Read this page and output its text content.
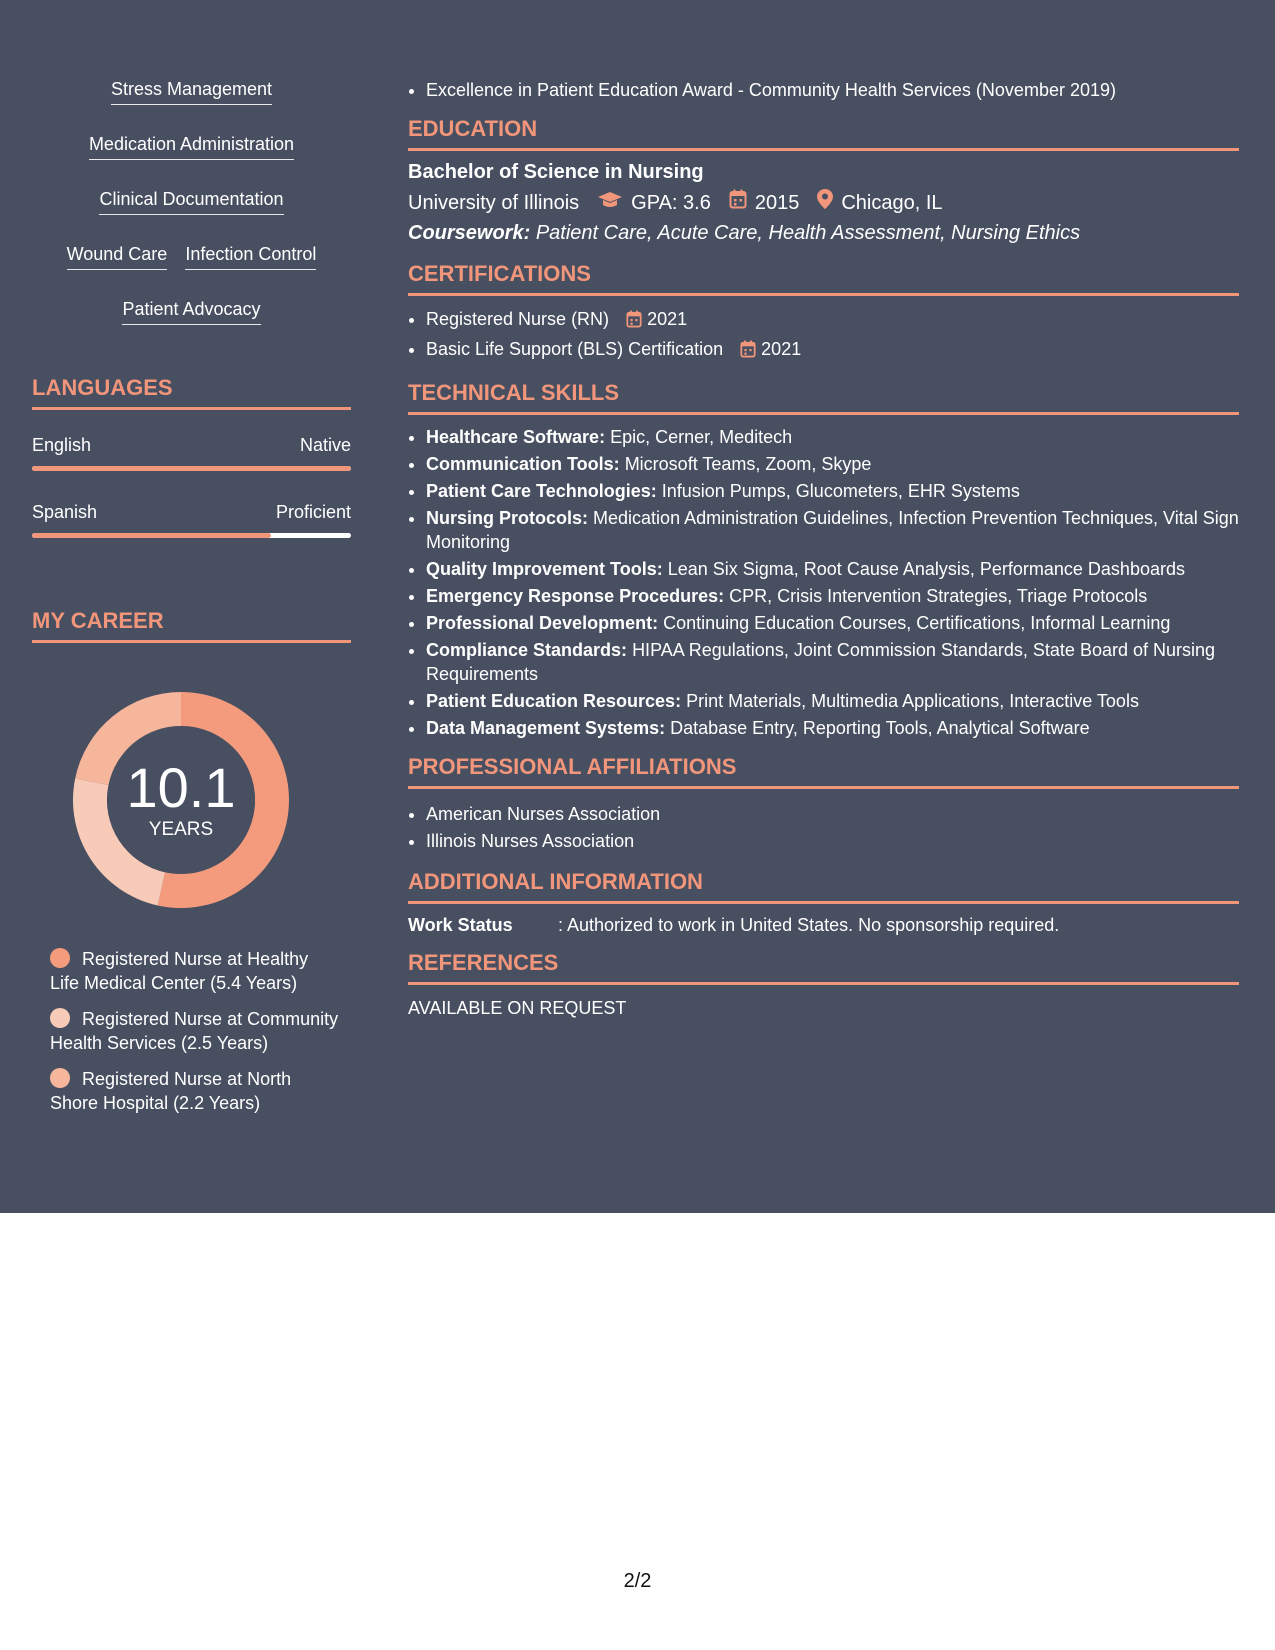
Stress Management
Medication Administration
Clinical Documentation
Wound Care Infection Control
Patient Advocacy
LANGUAGES
English	Native
Spanish	Proficient
MY CAREER
10.1
YEARS
Registered Nurse at Healthy Life Medical Center (5.4 Years)
Registered Nurse at Community Health Services (2.5 Years)
Registered Nurse at North Shore Hospital (2.2 Years)
• Excellence in Patient Education Award - Community Health Services (November 2019)
EDUCATION
Bachelor of Science in Nursing
University of Illinois	GPA: 3.6 2015 Chicago, IL
Coursework: Patient Care, Acute Care, Health Assessment, Nursing Ethics
CERTIFICATIONS
• Registered Nurse (RN) 2021
• Basic Life Support (BLS) Certification 2021
TECHNICAL SKILLS
• Healthcare Software: Epic, Cerner, Meditech
• Communication Tools: Microsoft Teams, Zoom, Skype
• Patient Care Technologies: Infusion Pumps, Glucometers, EHR Systems
• Nursing Protocols: Medication Administration Guidelines, Infection Prevention Techniques, Vital Sign Monitoring
• Quality Improvement Tools: Lean Six Sigma, Root Cause Analysis, Performance Dashboards
• Emergency Response Procedures: CPR, Crisis Intervention Strategies, Triage Protocols
• Professional Development: Continuing Education Courses, Certifications, Informal Learning
• Compliance Standards: HIPAA Regulations, Joint Commission Standards, State Board of Nursing Requirements
• Patient Education Resources: Print Materials, Multimedia Applications, Interactive Tools
• Data Management Systems: Database Entry, Reporting Tools, Analytical Software
PROFESSIONAL AFFILIATIONS
• American Nurses Association
• Illinois Nurses Association
ADDITIONAL INFORMATION
Work Status	: Authorized to work in United States. No sponsorship required.
REFERENCES
AVAILABLE ON REQUEST
2/2
